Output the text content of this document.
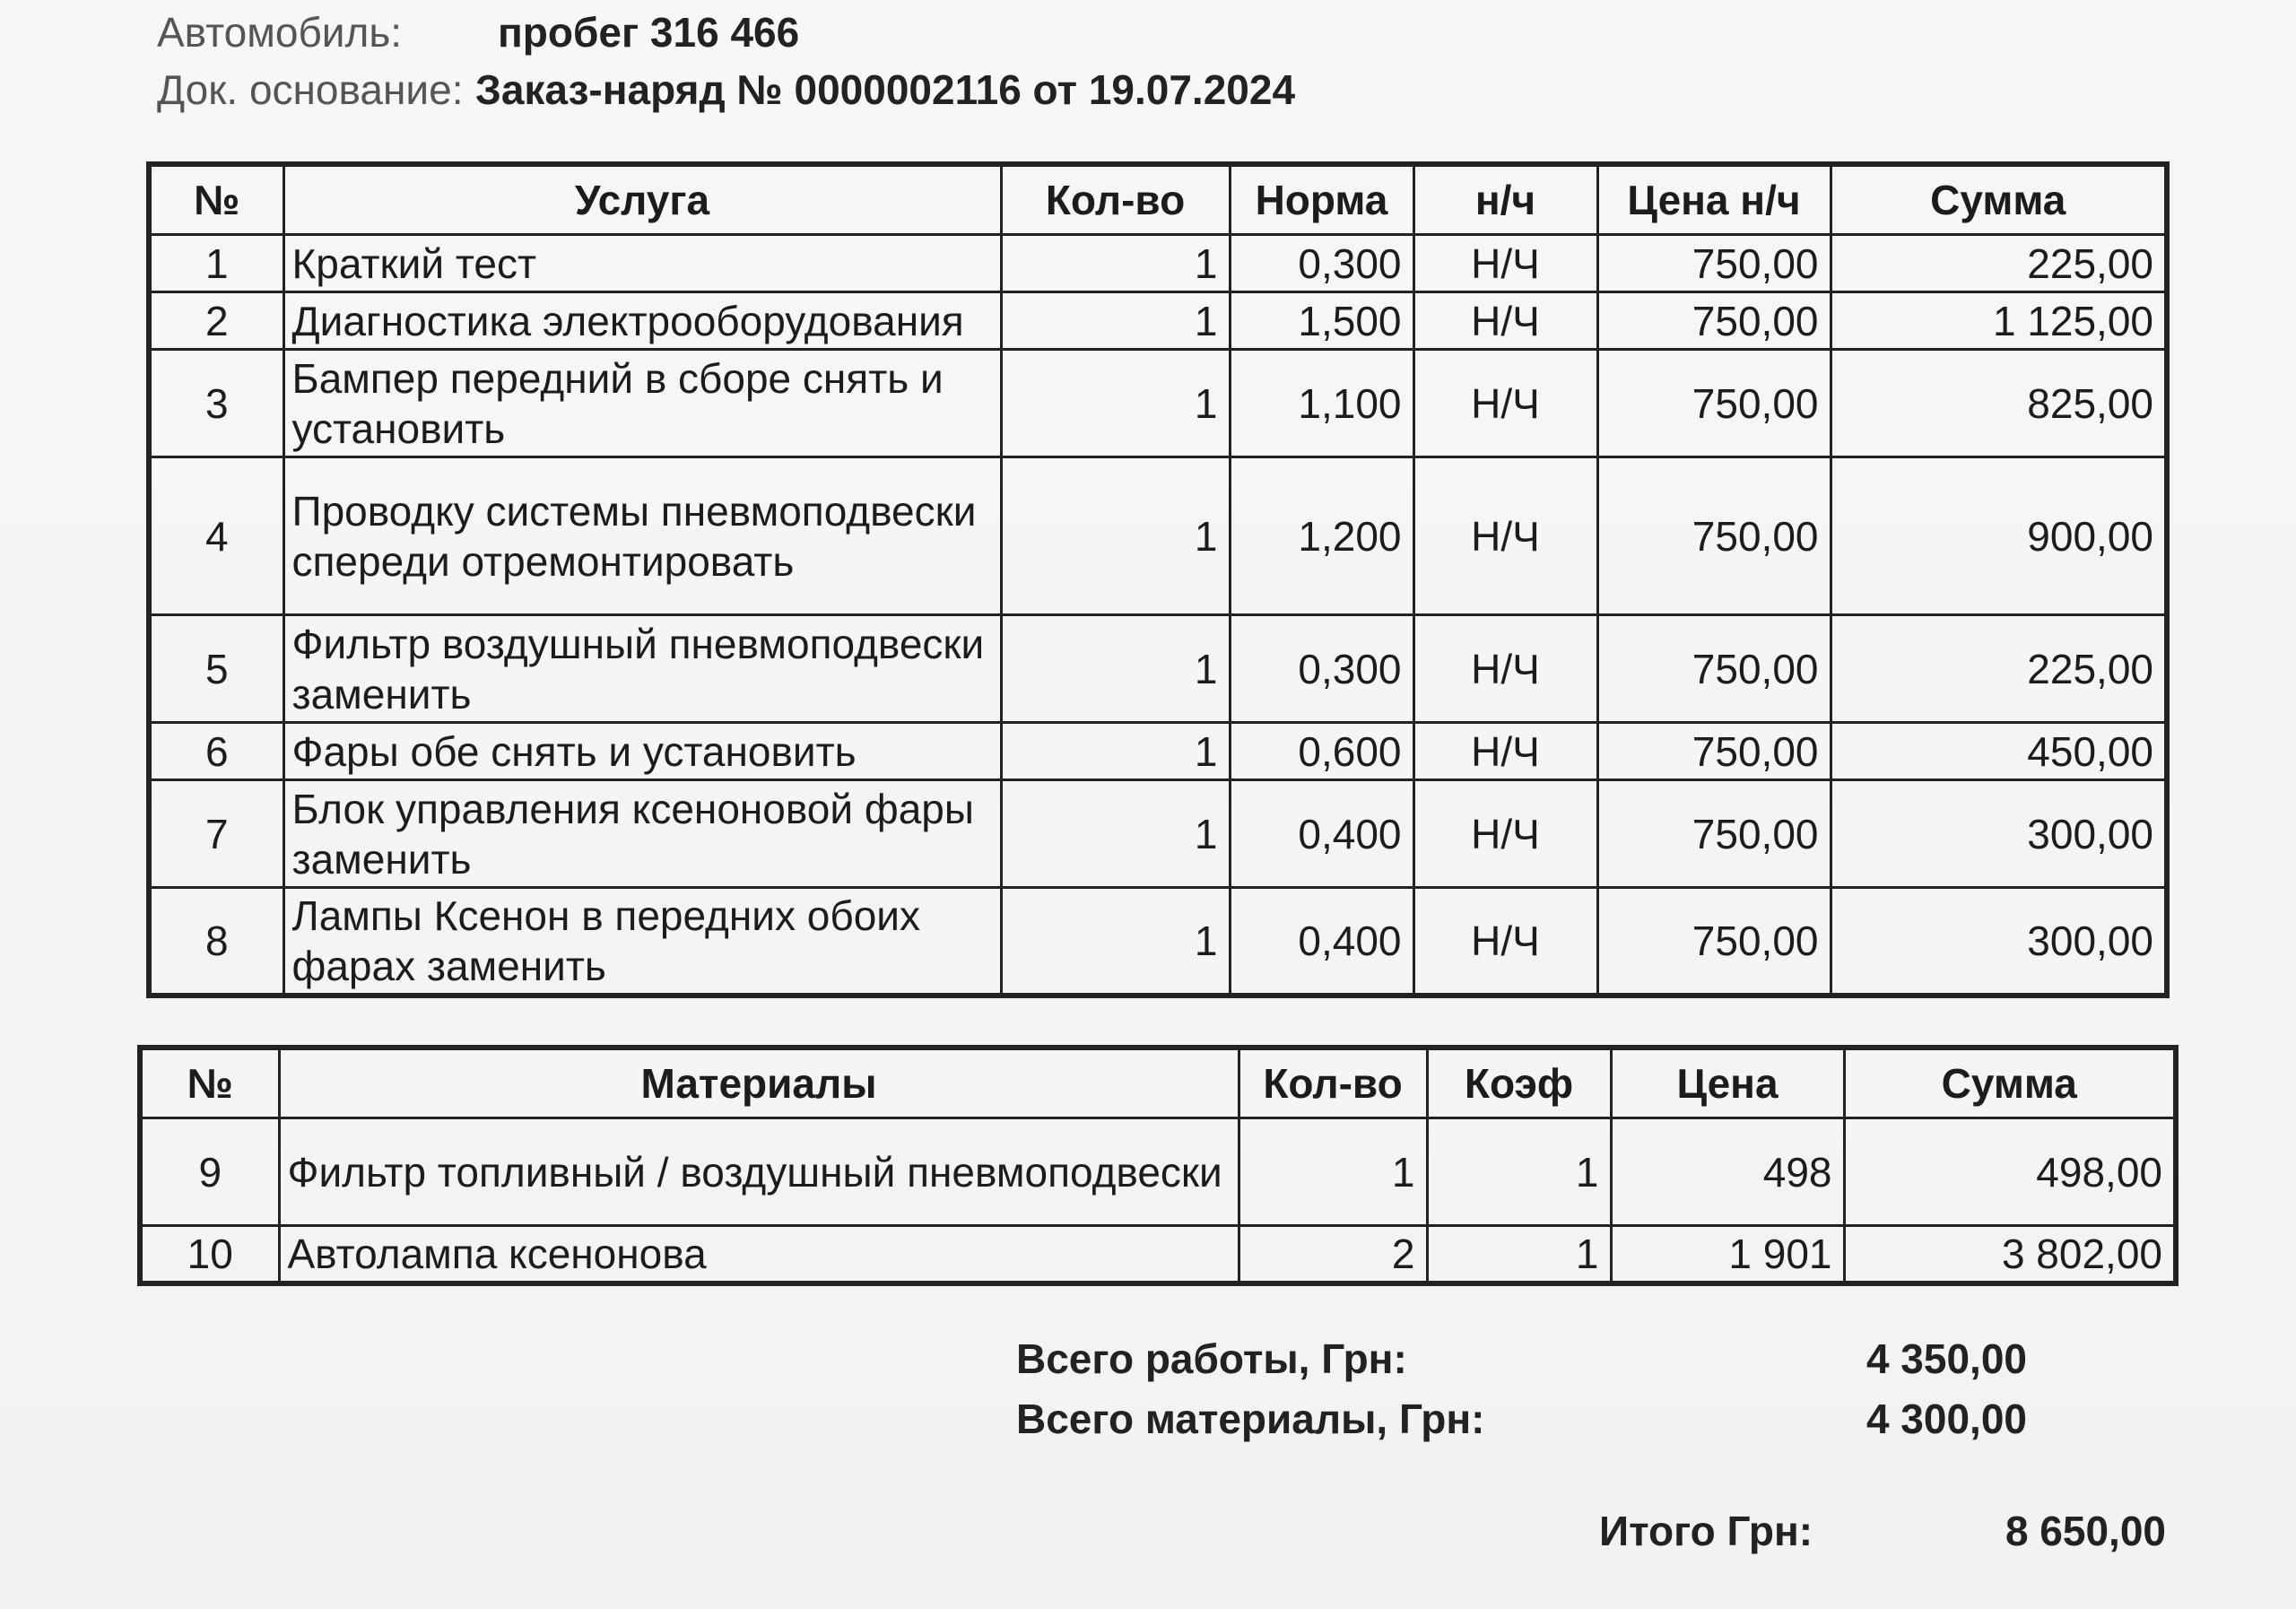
Автомобиль:	пробег 316 466
Док. основание: Заказ-наряд № 0000002116 от 19.07.2024
№	Услуга	Кол-во	Норма	н/ч	Цена н/ч	Сумма
1	Краткий тест	1	0,300	Н/Ч	750,00	225,00
2	Диагностика электрооборудования	1	1,500	Н/Ч	750,00	1 125,00
3	Бампер передний в сборе снять и установить	1	1,100	Н/Ч	750,00	825,00
4	Проводку системы пневмоподвески спереди отремонтировать	1	1,200	Н/Ч	750,00	900,00
5	Фильтр воздушный пневмоподвески заменить	1	0,300	Н/Ч	750,00	225,00
6	Фары обе снять и установить	1	0,600	Н/Ч	750,00	450,00
7	Блок управления ксеноновой фары заменить	1	0,400	Н/Ч	750,00	300,00
8	Лампы Ксенон в передних обоих фарах заменить	1	0,400	Н/Ч	750,00	300,00
№	Материалы	Кол-во	Коэф	Цена	Сумма
9	Фильтр топливный / воздушный пневмоподвески	1	1	498	498,00
10	Автолампа ксенонова	2	1	1 901	3 802,00
Всего работы, Грн:	4 350,00
Всего материалы, Грн:	4 300,00
Итого Грн:	8 650,00
